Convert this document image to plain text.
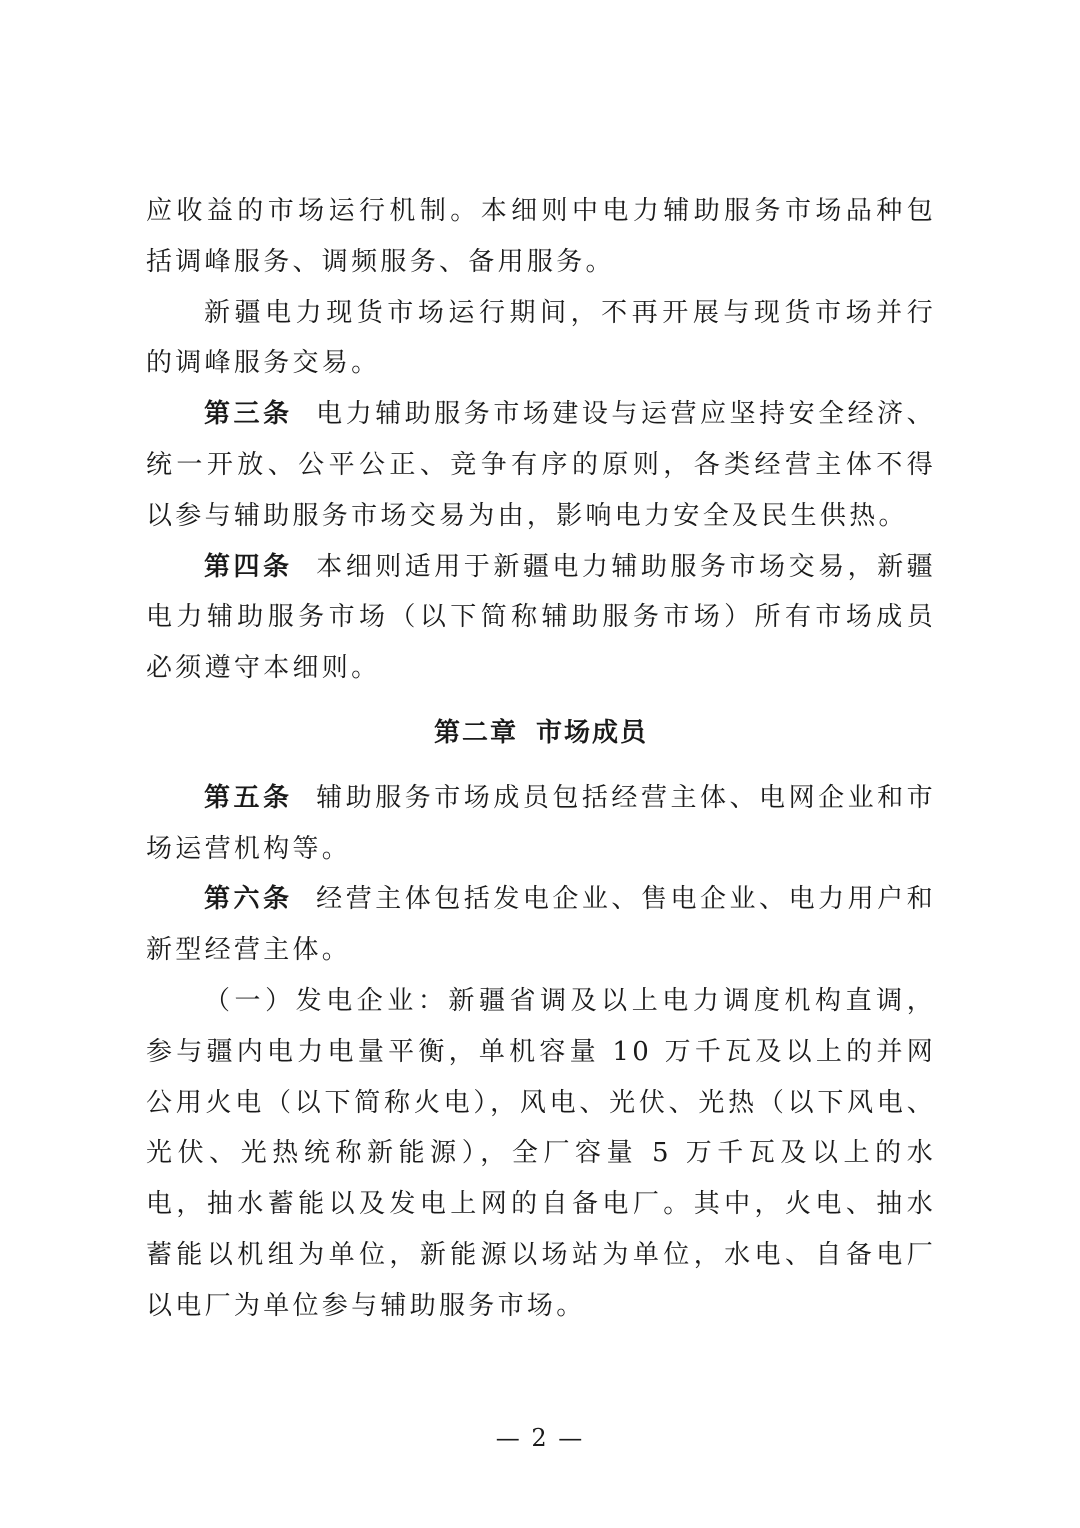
应收益的市场运行机制。本细则中电力辅助服务市场品种包括调峰服务、调频服务、备用服务。

新疆电力现货市场运行期间，不再开展与现货市场并行的调峰服务交易。

第三条 电力辅助服务市场建设与运营应坚持安全经济、统一开放、公平公正、竞争有序的原则，各类经营主体不得以参与辅助服务市场交易为由，影响电力安全及民生供热。

第四条 本细则适用于新疆电力辅助服务市场交易，新疆电力辅助服务市场（以下简称辅助服务市场）所有市场成员必须遵守本细则。

第二章 市场成员

第五条 辅助服务市场成员包括经营主体、电网企业和市场运营机构等。

第六条 经营主体包括发电企业、售电企业、电力用户和新型经营主体。

（一）发电企业：新疆省调及以上电力调度机构直调，参与疆内电力电量平衡，单机容量 10 万千瓦及以上的并网公用火电（以下简称火电），风电、光伏、光热（以下风电、光伏、光热统称新能源），全厂容量 5 万千瓦及以上的水电，抽水蓄能以及发电上网的自备电厂。其中，火电、抽水蓄能以机组为单位，新能源以场站为单位，水电、自备电厂以电厂为单位参与辅助服务市场。

— 2 —
